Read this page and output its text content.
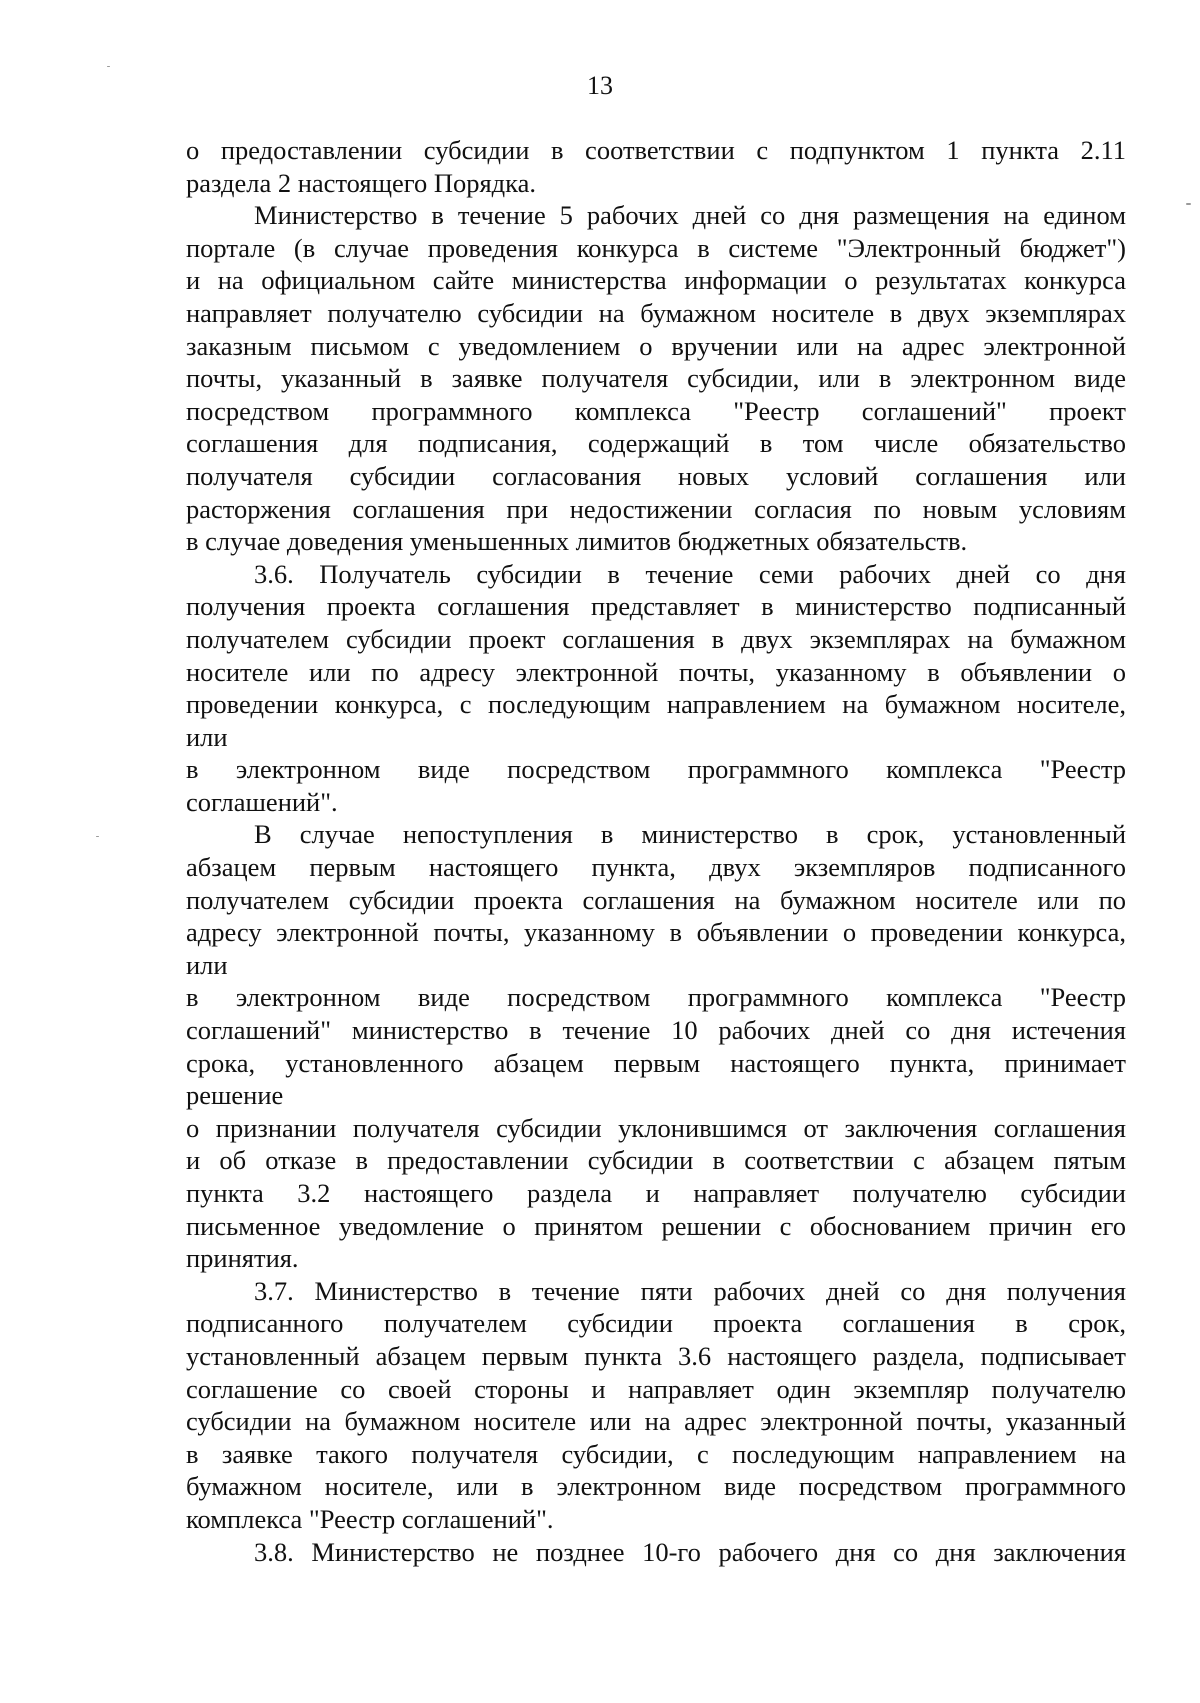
13
о предоставлении субсидии в соответствии с подпунктом 1 пункта 2.11
раздела 2 настоящего Порядка.
Министерство в течение 5 рабочих дней со дня размещения на едином
портале (в случае проведения конкурса в системе "Электронный бюджет")
и на официальном сайте министерства информации о результатах конкурса
направляет получателю субсидии на бумажном носителе в двух экземплярах
заказным письмом с уведомлением о вручении или на адрес электронной
почты, указанный в заявке получателя субсидии, или в электронном виде
посредством программного комплекса "Реестр соглашений" проект
соглашения для подписания, содержащий в том числе обязательство
получателя субсидии согласования новых условий соглашения или
расторжения соглашения при недостижении согласия по новым условиям
в случае доведения уменьшенных лимитов бюджетных обязательств.
3.6. Получатель субсидии в течение семи рабочих дней со дня
получения проекта соглашения представляет в министерство подписанный
получателем субсидии проект соглашения в двух экземплярах на бумажном
носителе или по адресу электронной почты, указанному в объявлении о
проведении конкурса, с последующим направлением на бумажном носителе,
или
в электронном виде посредством программного комплекса "Реестр
соглашений".
В случае непоступления в министерство в срок, установленный
абзацем первым настоящего пункта, двух экземпляров подписанного
получателем субсидии проекта соглашения на бумажном носителе или по
адресу электронной почты, указанному в объявлении о проведении конкурса,
или
в электронном виде посредством программного комплекса "Реестр
соглашений" министерство в течение 10 рабочих дней со дня истечения
срока, установленного абзацем первым настоящего пункта, принимает
решение
о признании получателя субсидии уклонившимся от заключения соглашения
и об отказе в предоставлении субсидии в соответствии с абзацем пятым
пункта 3.2 настоящего раздела и направляет получателю субсидии
письменное уведомление о принятом решении с обоснованием причин его
принятия.
3.7. Министерство в течение пяти рабочих дней со дня получения
подписанного получателем субсидии проекта соглашения в срок,
установленный абзацем первым пункта 3.6 настоящего раздела, подписывает
соглашение со своей стороны и направляет один экземпляр получателю
субсидии на бумажном носителе или на адрес электронной почты, указанный
в заявке такого получателя субсидии, с последующим направлением на
бумажном носителе, или в электронном виде посредством программного
комплекса "Реестр соглашений".
3.8. Министерство не позднее 10-го рабочего дня со дня заключения
